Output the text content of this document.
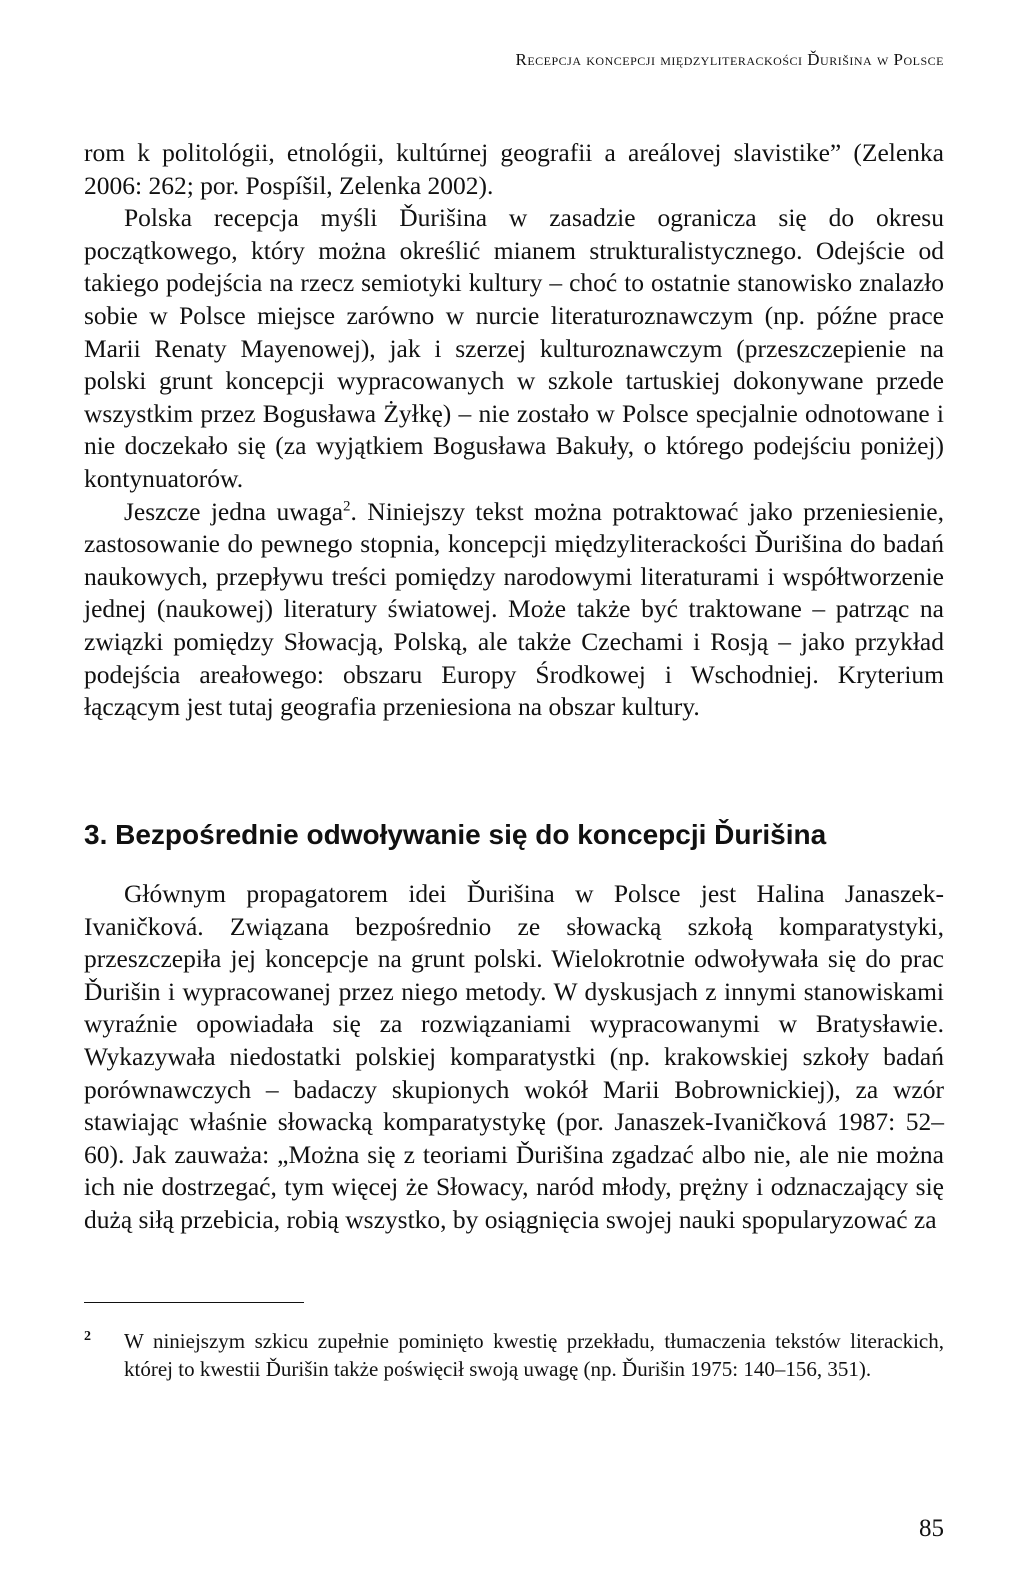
Recepcja koncepcji międzyliterackości Ďurišina w Polsce

rom k politológii, etnológii, kultúrnej geografii a areálovej slavistike” (Zelenka 2006: 262; por. Pospíšil, Zelenka 2002).

Polska recepcja myśli Ďurišina w zasadzie ogranicza się do okresu początkowego, który można określić mianem strukturalistycznego. Odejście od takiego podejścia na rzecz semiotyki kultury – choć to ostatnie stanowisko znalazło sobie w Polsce miejsce zarówno w nurcie literaturoznawczym (np. późne prace Marii Renaty Mayenowej), jak i szerzej kulturoznawczym (przeszczepienie na polski grunt koncepcji wypracowanych w szkole tartuskiej dokonywane przede wszystkim przez Bogusława Żyłkę) – nie zostało w Polsce specjalnie odnotowane i nie doczekało się (za wyjątkiem Bogusława Bakuły, o którego podejściu poniżej) kontynuatorów.

Jeszcze jedna uwaga$^2$. Niniejszy tekst można potraktować jako przeniesienie, zastosowanie do pewnego stopnia, koncepcji międzyliterackości Ďurišina do badań naukowych, przepływu treści pomiędzy narodowymi literaturami i współtworzenie jednej (naukowej) literatury światowej. Może także być traktowane – patrząc na związki pomiędzy Słowacją, Polską, ale także Czechami i Rosją – jako przykład podejścia areałowego: obszaru Europy Środkowej i Wschodniej. Kryterium łączącym jest tutaj geografia przeniesiona na obszar kultury.

3. Bezpośrednie odwoływanie się do koncepcji Ďurišina

Głównym propagatorem idei Ďurišina w Polsce jest Halina Janaszek-Ivaničková. Związana bezpośrednio ze słowacką szkołą komparatystyki, przeszczepiła jej koncepcje na grunt polski. Wielokrotnie odwoływała się do prac Ďurišin i wypracowanej przez niego metody. W dyskusjach z innymi stanowiskami wyraźnie opowiadała się za rozwiązaniami wypracowanymi w Bratysławie. Wykazywała niedostatki polskiej komparatystki (np. krakowskiej szkoły badań porównawczych – badaczy skupionych wokół Marii Bobrownickiej), za wzór stawiając właśnie słowacką komparatystykę (por. Janaszek-Ivaničková 1987: 52–60). Jak zauważa: „Można się z teoriami Ďurišina zgadzać albo nie, ale nie można ich nie dostrzegać, tym więcej że Słowacy, naród młody, prężny i odznaczający się dużą siłą przebicia, robią wszystko, by osiągnięcia swojej nauki spopularyzować za

2 W niniejszym szkicu zupełnie pominięto kwestię przekładu, tłumaczenia tekstów literackich, której to kwestii Ďurišin także poświęcił swoją uwagę (np. Ďurišin 1975: 140–156, 351).
85
